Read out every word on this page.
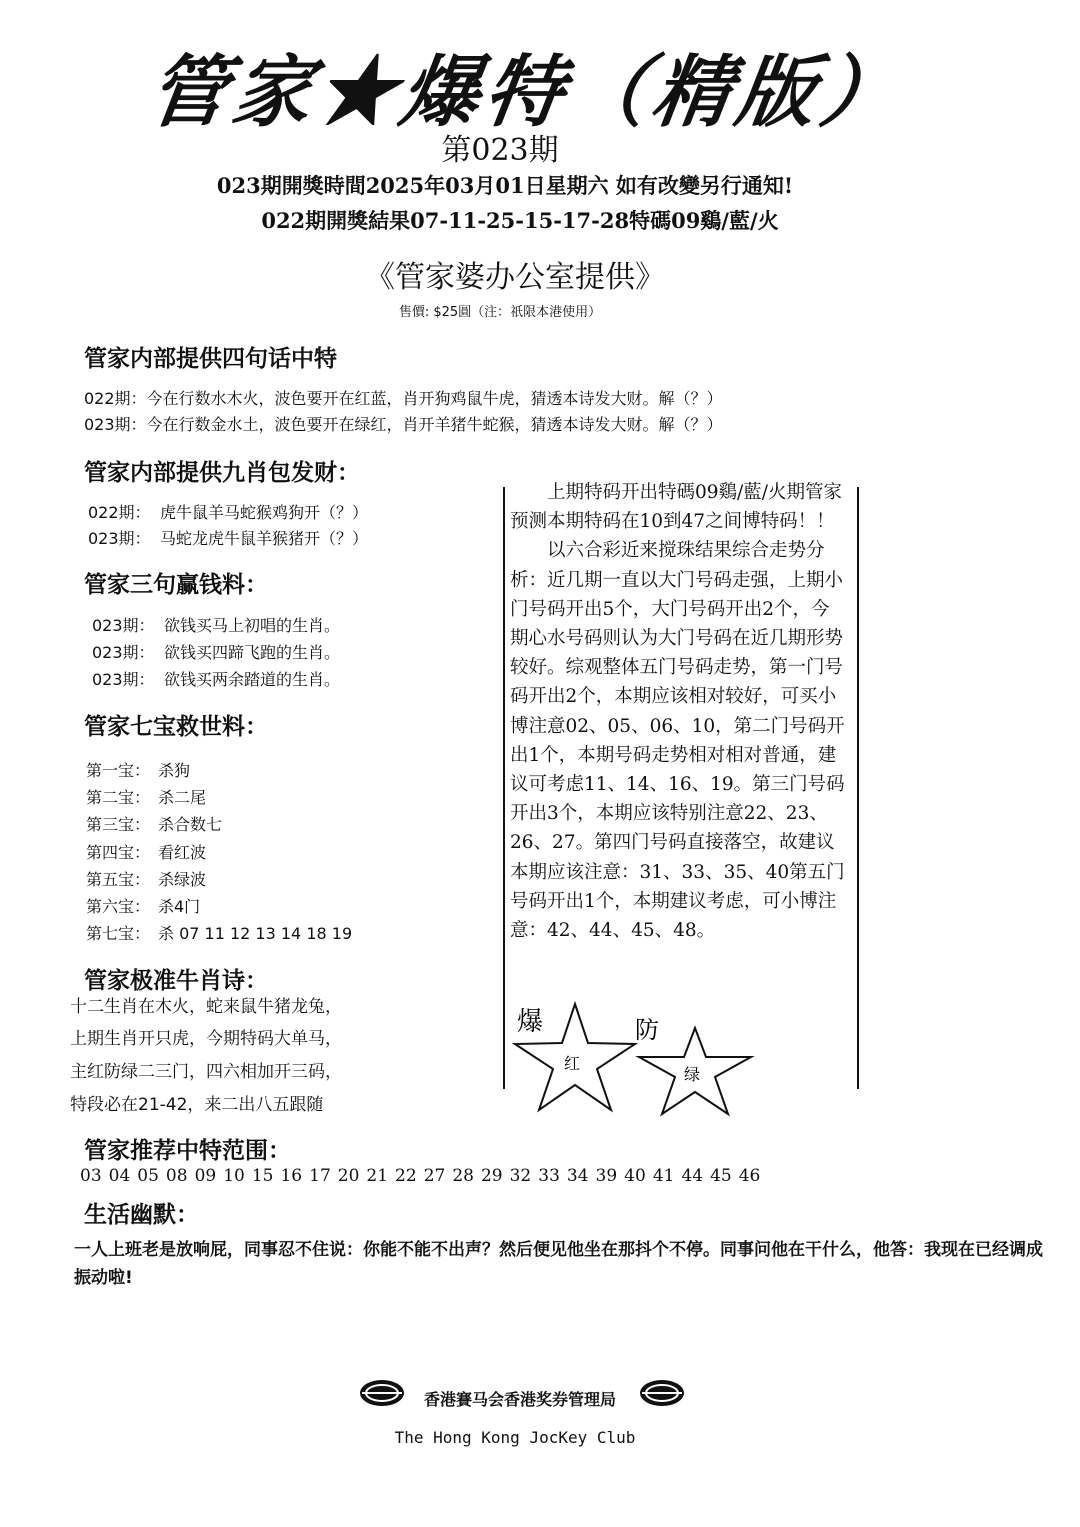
管家★爆特（精版）
第023期
023期開獎時間2025年03月01日星期六 如有改變另行通知!
022期開獎結果07-11-25-15-17-28特碼09鷄/藍/火
《管家婆办公室提供》
售價: $25圓（注：祇限本港使用）
管家内部提供四句话中特
022期：今在行数水木火，波色要开在红蓝，肖开狗鸡鼠牛虎，猜透本诗发大财。解（？）
023期：今在行数金水土，波色要开在绿红，肖开羊猪牛蛇猴，猜透本诗发大财。解（？）
管家内部提供九肖包发财：
022期： 虎牛鼠羊马蛇猴鸡狗开（？）
023期： 马蛇龙虎牛鼠羊猴猪开（？）
管家三句赢钱料：
023期： 欲钱买马上初唱的生肖。
023期： 欲钱买四蹄飞跑的生肖。
023期： 欲钱买两余踏道的生肖。
管家七宝救世料：
第一宝： 杀狗
第二宝： 杀二尾
第三宝： 杀合数七
第四宝： 看红波
第五宝： 杀绿波
第六宝： 杀4门
第七宝： 杀 07 11 12 13 14 18 19
管家极准牛肖诗：
十二生肖在木火，蛇来鼠牛猪龙兔，
上期生肖开只虎，今期特码大单马，
主红防绿二三门，四六相加开三码，
特段必在21-42，来二出八五跟随

上期特码开出特碼09鷄/藍/火期管家预测本期特码在10到47之间博特码！！

以六合彩近来搅珠结果综合走势分析：近几期一直以大门号码走强，上期小门号码开出5个，大门号码开出2个，今期心水号码则认为大门号码在近几期形势较好。综观整体五门号码走势，第一门号码开出2个，本期应该相对较好，可买小博注意02、05、06、10，第二门号码开出1个，本期号码走势相对相对普通，建议可考虑11、14、16、19。第三门号码开出3个，本期应该特别注意22、23、26、27。第四门号码直接落空，故建议本期应该注意：31、33、35、40第五门号码开出1个，本期建议考虑，可小博注意：42、44、45、48。

爆
红
防
绿
管家推荐中特范围：
03 04 05 08 09 10 15 16 17 20 21 22 27 28 29 32 33 34 39 40 41 44 45 46
生活幽默：
一人上班老是放响屁，同事忍不住说：你能不能不出声？然后便见他坐在那抖个不停。同事问他在干什么，他答：我现在已经调成振动啦!
香港賽马会香港奖券管理局
The Hong Kong JocKey Club
